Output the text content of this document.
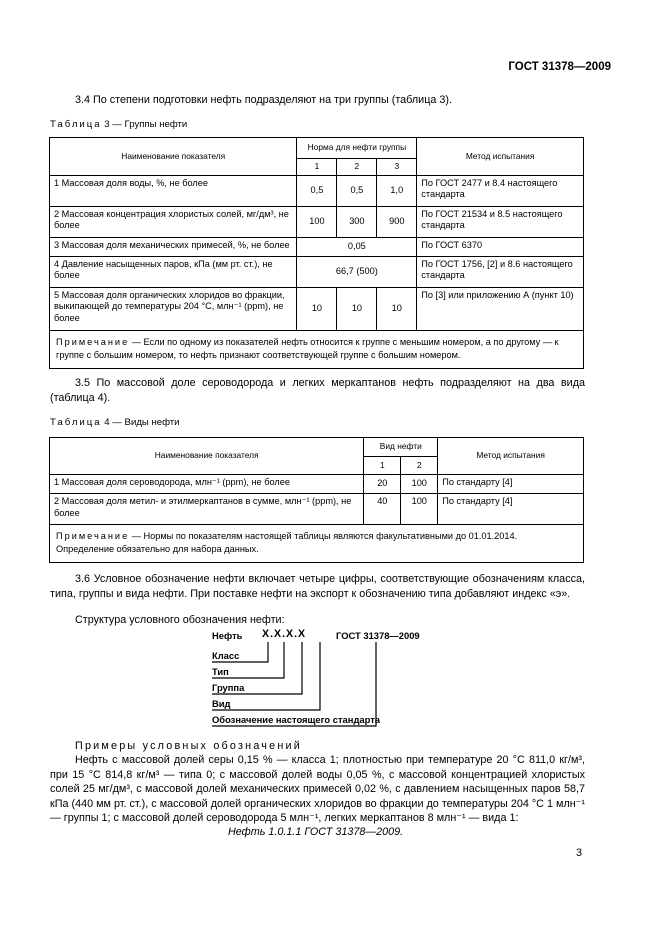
ГОСТ 31378—2009
3.4 По степени подготовки нефть подразделяют на три группы (таблица 3).
Таблица 3 — Группы нефти
Наименование показателя	Норма для нефти группы			Метод испытания
	1	2	3	
1 Массовая доля воды, %, не более	0,5	0,5	1,0	По ГОСТ 2477 и 8.4 настоящего стандарта
2 Массовая концентрация хлористых солей, мг/дм³, не более	100	300	900	По ГОСТ 21534 и 8.5 настоящего стандарта
3 Массовая доля механических примесей, %, не более	0,05			По ГОСТ 6370
4 Давление насыщенных паров, кПа (мм рт. ст.), не более	66,7 (500)			По ГОСТ 1756, [2] и 8.6 настоящего стандарта
5 Массовая доля органических хлоридов во фракции, выкипающей до температуры 204 °С, млн⁻¹ (ppm), не более	10	10	10	По [3] или приложению А (пункт 10)
Примечание — Если по одному из показателей нефть относится к группе с меньшим номером, а по другому — к группе с большим номером, то нефть признают соответствующей группе с большим номером.				
3.5 По массовой доле сероводорода и легких меркаптанов нефть подразделяют на два вида (таблица 4).
Таблица 4 — Виды нефти
Наименование показателя	Вид нефти		Метод испытания
	1	2	
1 Массовая доля сероводорода, млн⁻¹ (ppm), не более	20	100	По стандарту [4]
2 Массовая доля метил- и этилмеркаптанов в сумме, млн⁻¹ (ppm), не более	40	100	По стандарту [4]
Примечание — Нормы по показателям настоящей таблицы являются факультативными до 01.01.2014. Определение обязательно для набора данных.			
3.6 Условное обозначение нефти включает четыре цифры, соответствующие обозначениям класса, типа, группы и вида нефти. При поставке нефти на экспорт к обозначению типа добавляют индекс «э».
Структура условного обозначения нефти:
Нефть Х.Х.Х.Х	ГОСТ 31378—2009
Класс
Тип
Группа
Вид
Обозначение настоящего стандарта
Примеры условных обозначений
Нефть с массовой долей серы 0,15 % — класса 1; плотностью при температуре 20 °С 811,0 кг/м³, при 15 °С 814,8 кг/м³ — типа 0; с массовой долей воды 0,05 %, с массовой концентрацией хлористых солей 25 мг/дм³, с массовой долей механических примесей 0,02 %, с давлением насыщенных паров 58,7 кПа (440 мм рт. ст.), с массовой долей органических хлоридов во фракции до температуры 204 °С 1 млн⁻¹ — группы 1; с массовой долей сероводорода 5 млн⁻¹, легких меркаптанов 8 млн⁻¹ — вида 1:
Нефть 1.0.1.1 ГОСТ 31378—2009.
3
